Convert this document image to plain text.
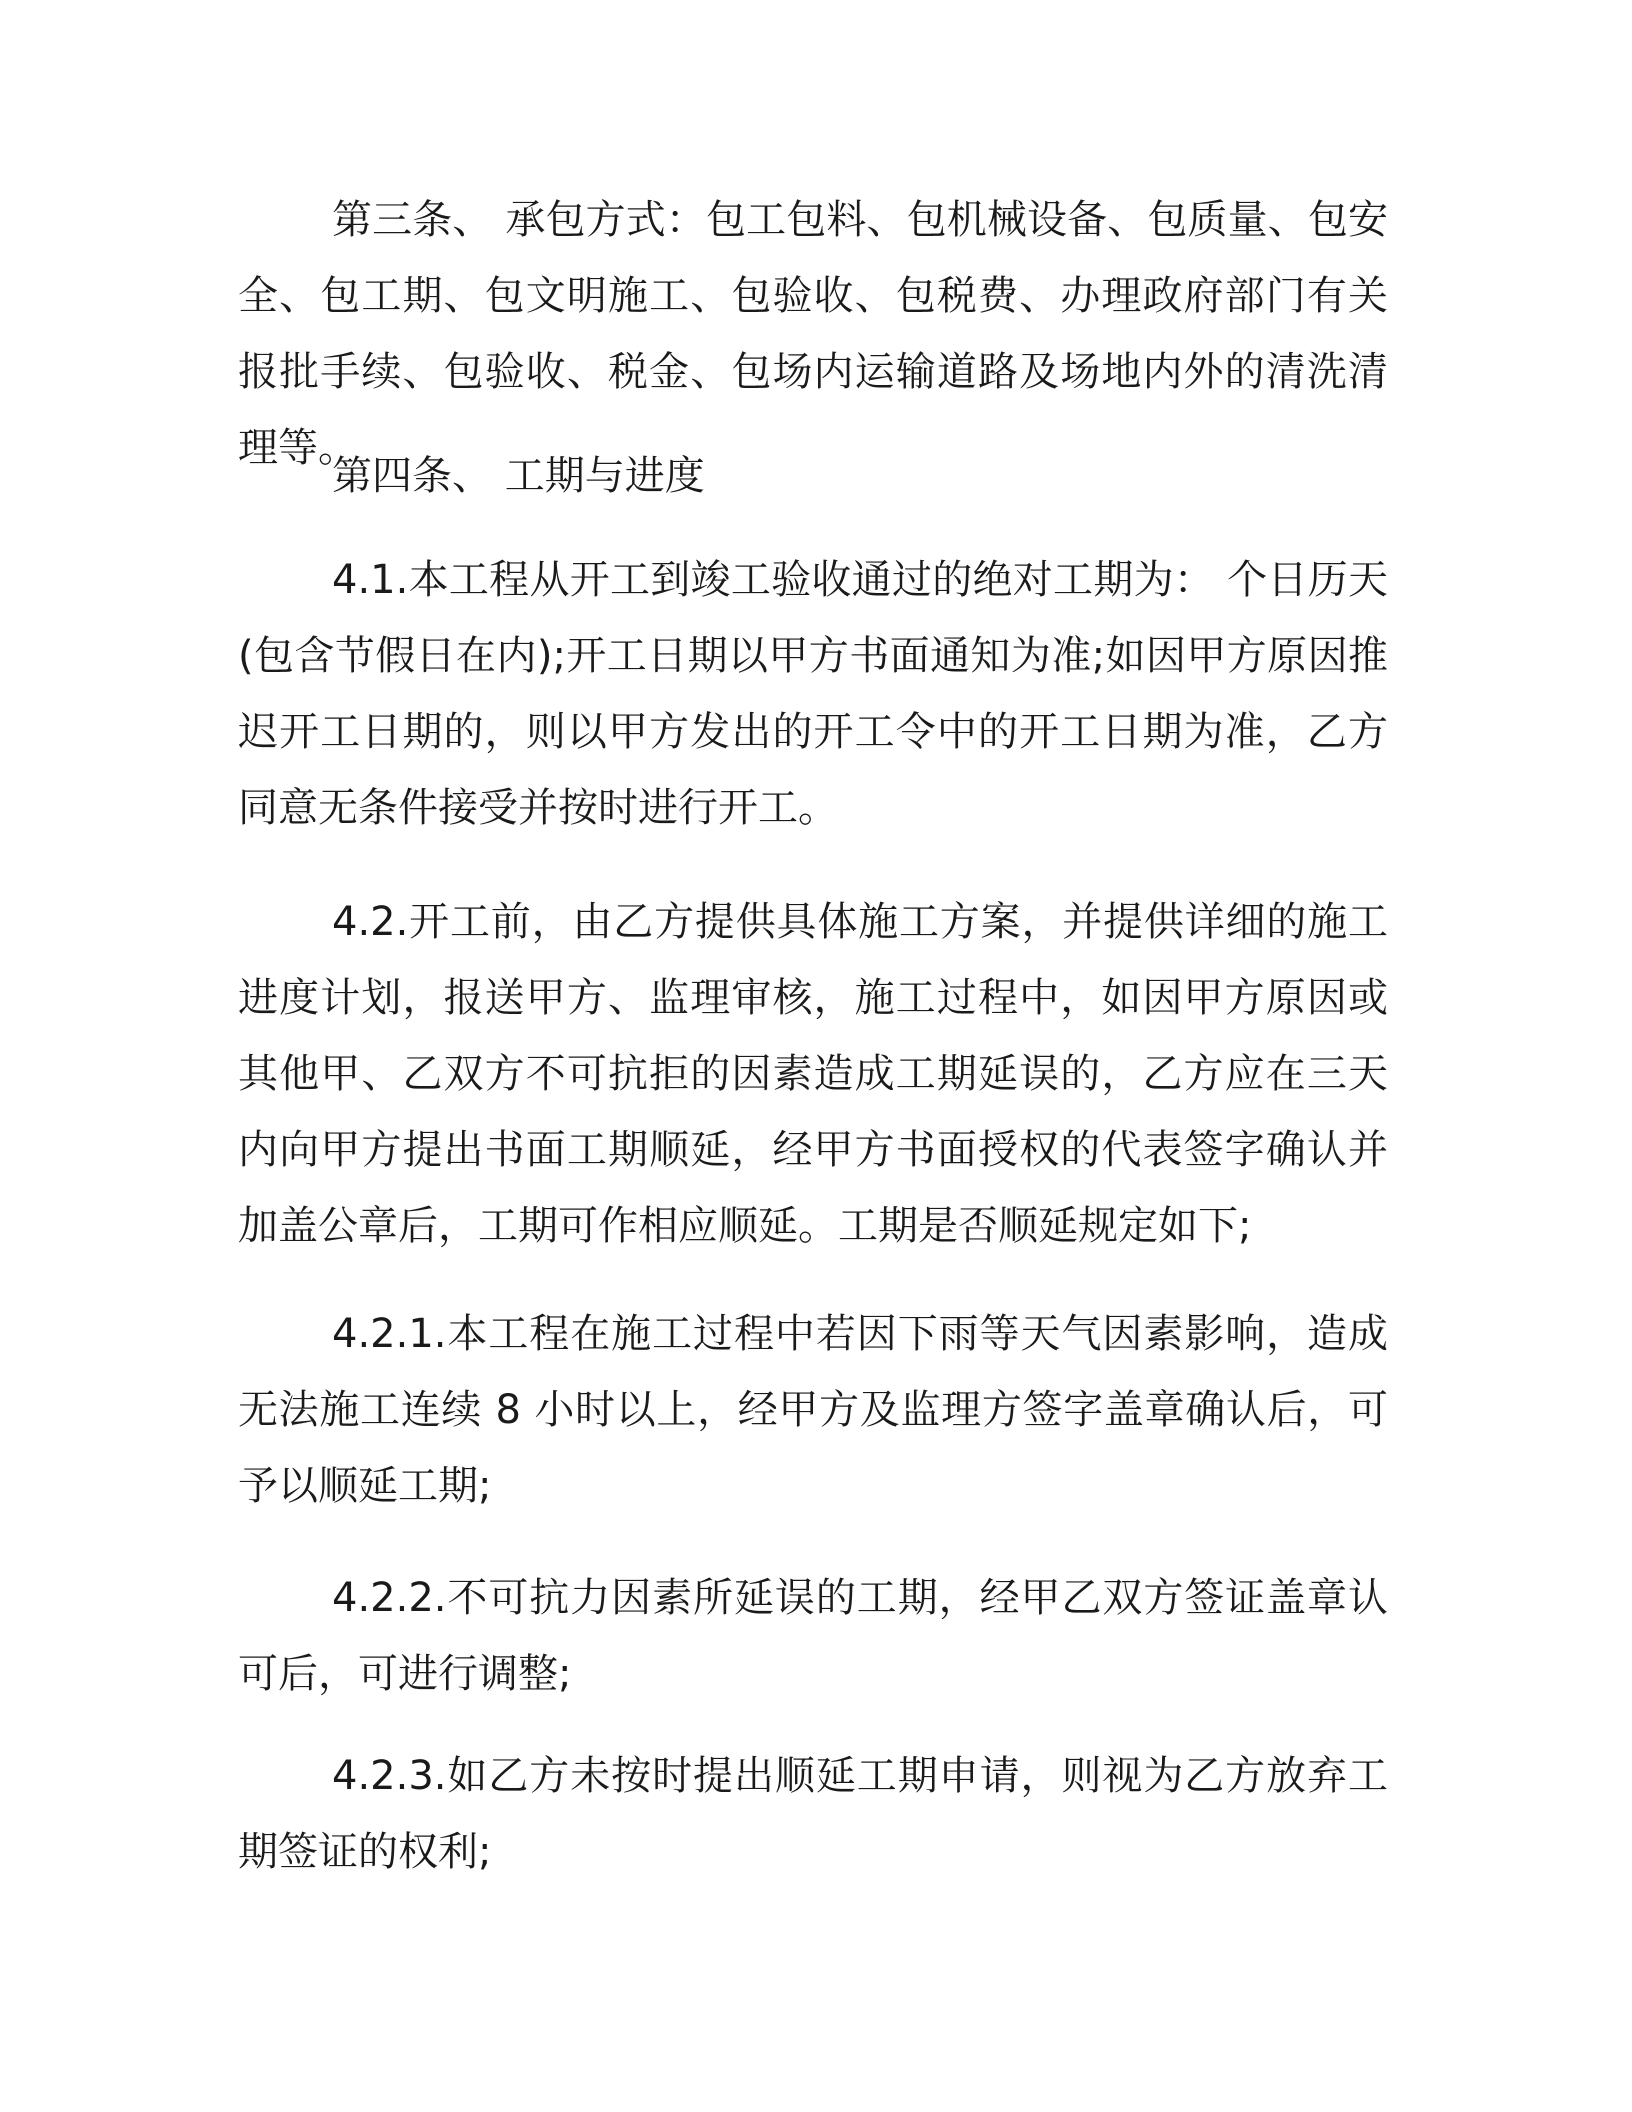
第三条、 承包方式：包工包料、包机械设备、包质量、包安全、包工期、包文明施工、包验收、包税费、办理政府部门有关报批手续、包验收、税金、包场内运输道路及场地内外的清洗清理等。

第四条、 工期与进度

4.1.本工程从开工到竣工验收通过的绝对工期为： 个日历天(包含节假日在内);开工日期以甲方书面通知为准;如因甲方原因推迟开工日期的，则以甲方发出的开工令中的开工日期为准，乙方同意无条件接受并按时进行开工。

4.2.开工前，由乙方提供具体施工方案，并提供详细的施工进度计划，报送甲方、监理审核，施工过程中，如因甲方原因或其他甲、乙双方不可抗拒的因素造成工期延误的，乙方应在三天内向甲方提出书面工期顺延，经甲方书面授权的代表签字确认并加盖公章后，工期可作相应顺延。工期是否顺延规定如下;

4.2.1.本工程在施工过程中若因下雨等天气因素影响，造成无法施工连续 8 小时以上，经甲方及监理方签字盖章确认后，可予以顺延工期;

4.2.2.不可抗力因素所延误的工期，经甲乙双方签证盖章认可后，可进行调整;

4.2.3.如乙方未按时提出顺延工期申请，则视为乙方放弃工期签证的权利;
